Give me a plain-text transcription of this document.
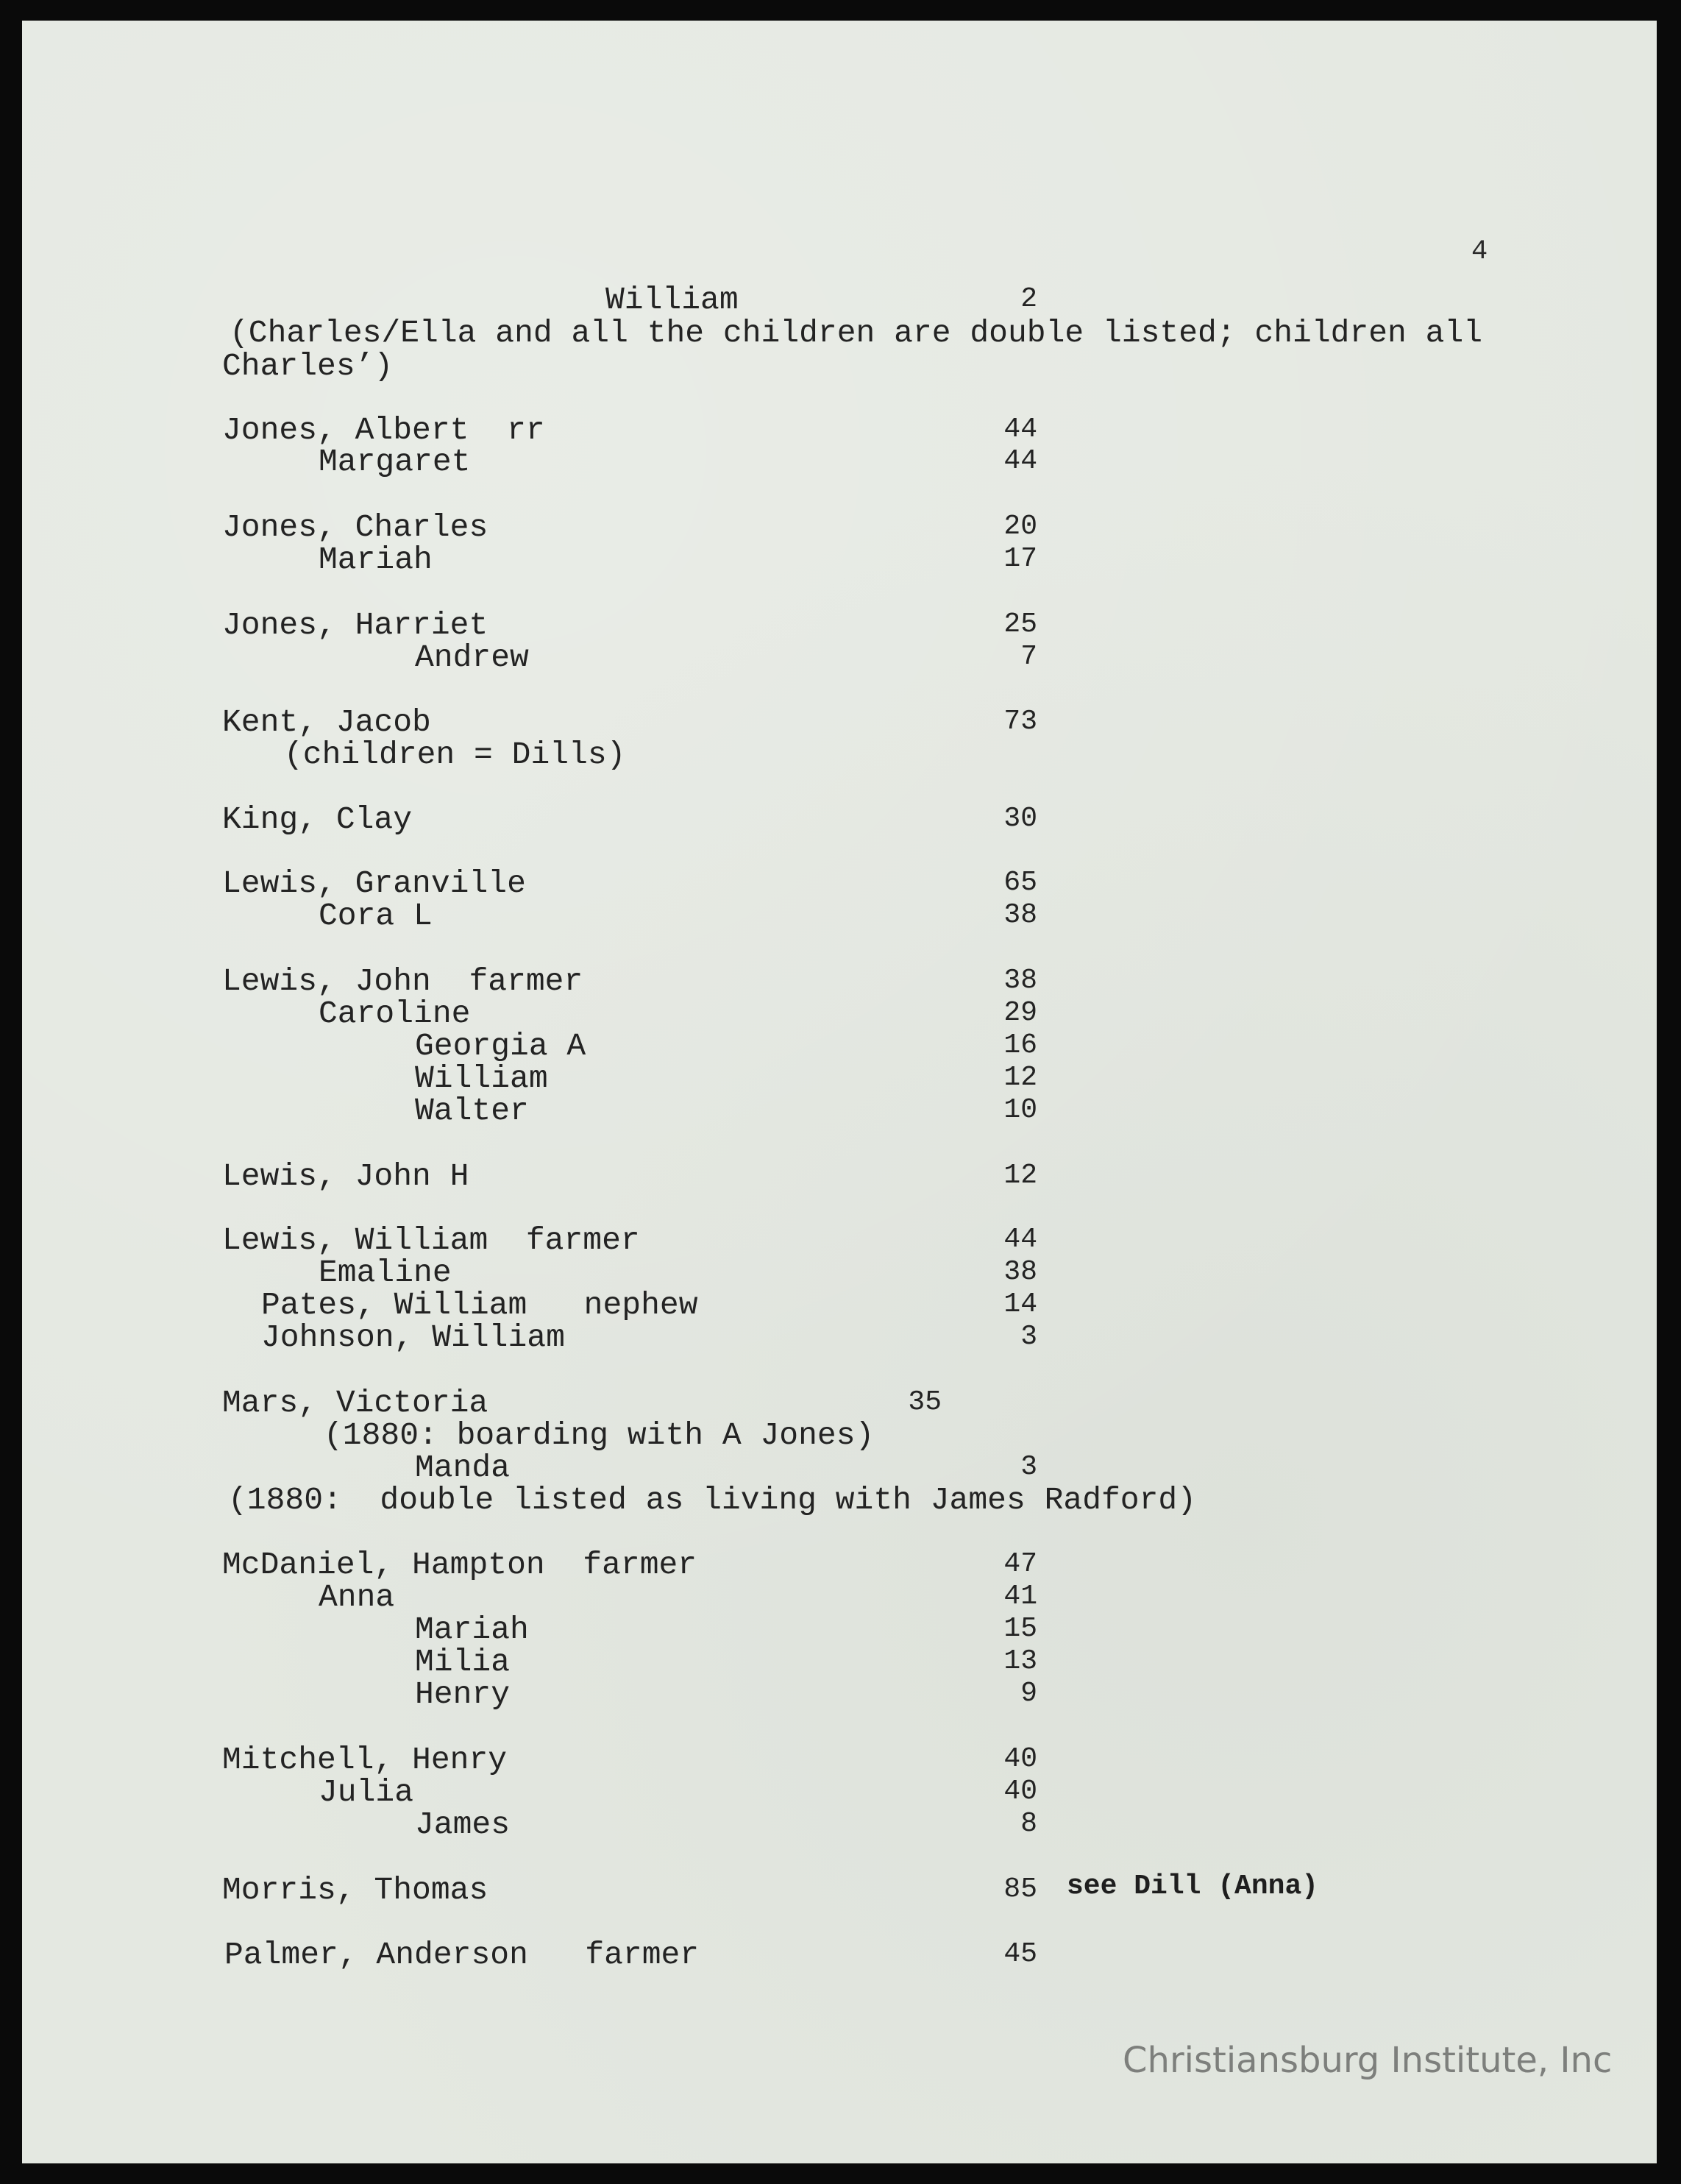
4
William	2
(Charles/Ella and all the children are double listed; children all
Charles’)
Jones, Albert  rr	44
Margaret	44
Jones, Charles	20
Mariah	17
Jones, Harriet	25
Andrew	7
Kent, Jacob	73
(children = Dills)
King, Clay	30
Lewis, Granville	65
Cora L	38
Lewis, John  farmer	38
Caroline	29
Georgia A	16
William	12
Walter	10
Lewis, John H	12
Lewis, William  farmer	44
Emaline	38
Pates, William   nephew	14
Johnson, William	3
Mars, Victoria	35
(1880: boarding with A Jones)
Manda	3
(1880:  double listed as living with James Radford)
McDaniel, Hampton  farmer	47
Anna	41
Mariah	15
Milia	13
Henry	9
Mitchell, Henry	40
Julia	40
James	8
Morris, Thomas	85 see Dill (Anna)
Palmer, Anderson   farmer	45
Christiansburg Institute, Inc
